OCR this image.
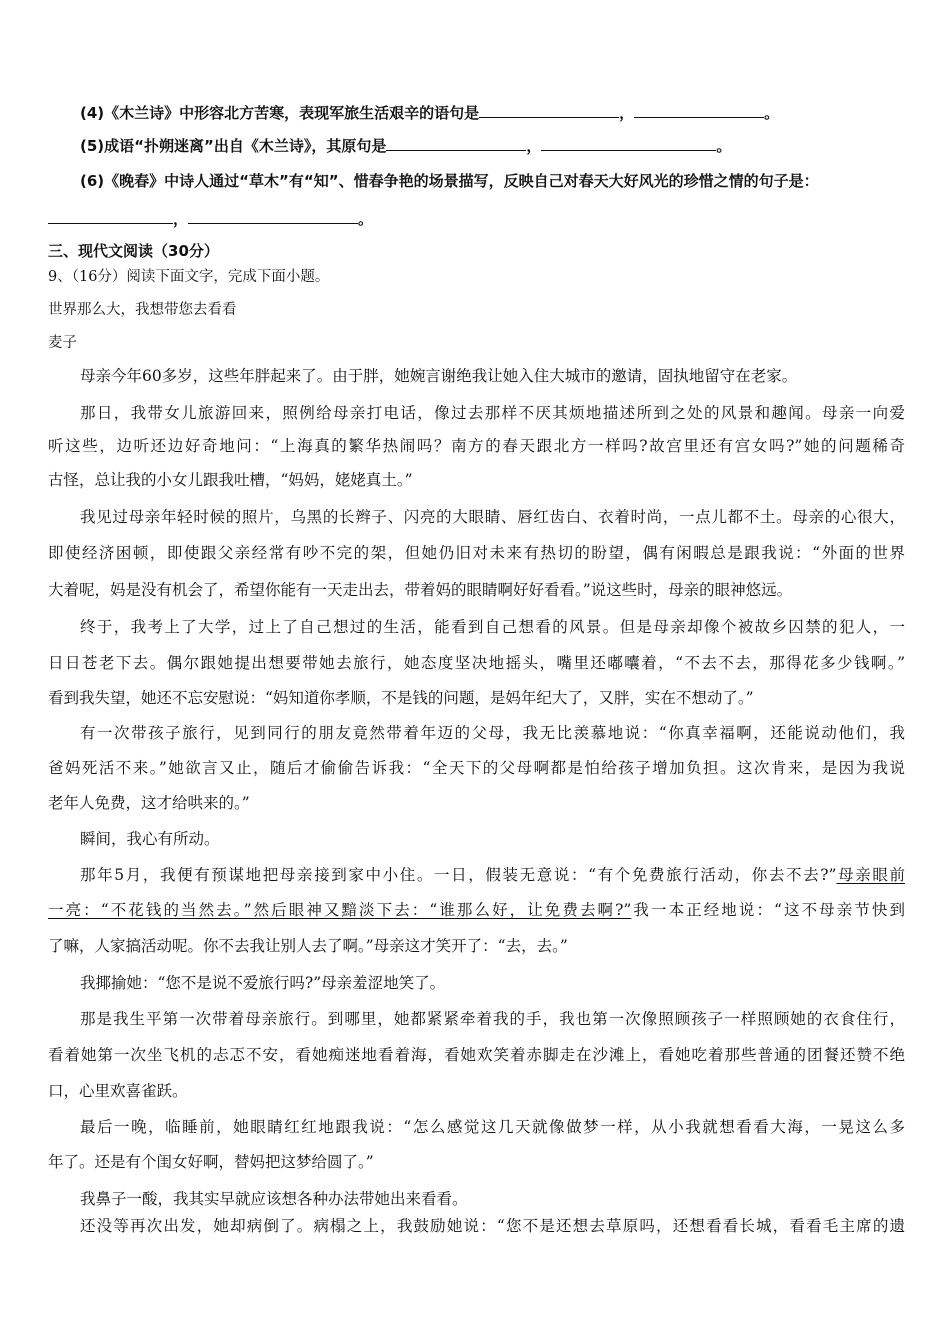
(4)《木兰诗》中形容北方苦寒，表现军旅生活艰辛的语句是	，	。
(5)成语“扑朔迷离”出自《木兰诗》，其原句是	，	。
(6)《晚春》中诗人通过“草木”有“知”、惜春争艳的场景描写，反映自己对春天大好风光的珍惜之情的句子是：
，	。
三、现代文阅读（30分）
9、（16分）阅读下面文字，完成下面小题。
世界那么大，我想带您去看看
麦子
母亲今年60多岁，这些年胖起来了。由于胖，她婉言谢绝我让她入住大城市的邀请，固执地留守在老家。
那日，我带女儿旅游回来，照例给母亲打电话，像过去那样不厌其烦地描述所到之处的风景和趣闻。母亲一向爱
听这些，边听还边好奇地问：“上海真的繁华热闹吗？南方的春天跟北方一样吗?故宫里还有宫女吗?”她的问题稀奇
古怪，总让我的小女儿跟我吐槽，“妈妈，姥姥真土。”
我见过母亲年轻时候的照片，乌黑的长辫子、闪亮的大眼睛、唇红齿白、衣着时尚，一点儿都不土。母亲的心很大，
即使经济困顿，即使跟父亲经常有吵不完的架，但她仍旧对未来有热切的盼望，偶有闲暇总是跟我说：“外面的世界
大着呢，妈是没有机会了，希望你能有一天走出去，带着妈的眼睛啊好好看看。”说这些时，母亲的眼神悠远。
终于，我考上了大学，过上了自己想过的生活，能看到自己想看的风景。但是母亲却像个被故乡囚禁的犯人，一
日日苍老下去。偶尔跟她提出想要带她去旅行，她态度坚决地摇头，嘴里还嘟囔着，“不去不去，那得花多少钱啊。”
看到我失望，她还不忘安慰说：“妈知道你孝顺，不是钱的问题，是妈年纪大了，又胖，实在不想动了。”
有一次带孩子旅行，见到同行的朋友竟然带着年迈的父母，我无比羡慕地说：“你真幸福啊，还能说动他们，我
爸妈死活不来。”她欲言又止，随后才偷偷告诉我：“全天下的父母啊都是怕给孩子增加负担。这次肯来，是因为我说
老年人免费，这才给哄来的。”
瞬间，我心有所动。
那年5月，我便有预谋地把母亲接到家中小住。一日，假装无意说：“有个免费旅行活动，你去不去?”母亲眼前
一亮：“不花钱的当然去。”然后眼神又黯淡下去：“谁那么好，让免费去啊?”我一本正经地说：“这不母亲节快到
了嘛，人家搞活动呢。你不去我让别人去了啊。”母亲这才笑开了：“去，去。”
我揶揄她：“您不是说不爱旅行吗?”母亲羞涩地笑了。
那是我生平第一次带着母亲旅行。到哪里，她都紧紧牵着我的手，我也第一次像照顾孩子一样照顾她的衣食住行，
看着她第一次坐飞机的忐忑不安，看她痴迷地看着海，看她欢笑着赤脚走在沙滩上，看她吃着那些普通的团餐还赞不绝
口，心里欢喜雀跃。
最后一晚，临睡前，她眼睛红红地跟我说：“怎么感觉这几天就像做梦一样，从小我就想看看大海，一晃这么多
年了。还是有个闺女好啊，替妈把这梦给圆了。”
我鼻子一酸，我其实早就应该想各种办法带她出来看看。
还没等再次出发，她却病倒了。病榻之上，我鼓励她说：“您不是还想去草原吗，还想看看长城，看看毛主席的遗
